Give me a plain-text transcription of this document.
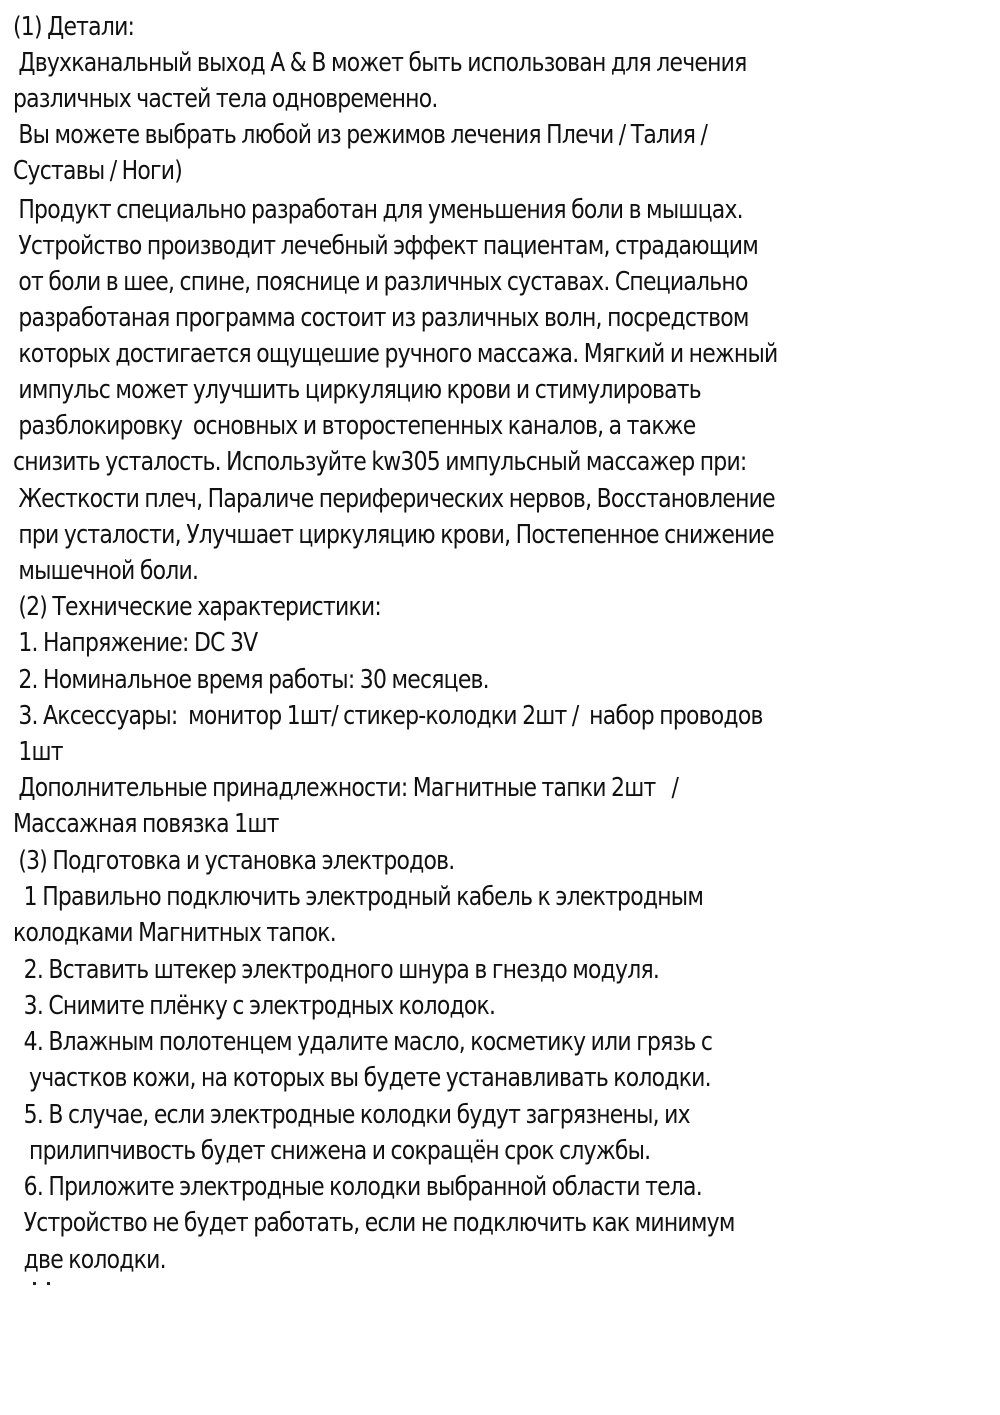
(1) Детали:
Двухканальный выход A & B может быть использован для лечения
различных частей тела одновременно.
Вы можете выбрать любой из режимов лечения Плечи / Талия /
Суставы / Ноги)
Продукт специально разработан для уменьшения боли в мышцах.
Устройство производит лечебный эффект пациентам, страдающим
от боли в шее, спине, пояснице и различных суставах. Специально
разработаная программа состоит из различных волн, посредством
которых достигается ощущешие ручного массажа. Мягкий и нежный
импульс может улучшить циркуляцию крови и стимулировать
разблокировку  основных и второстепенных каналов, а также
снизить усталость. Используйте kw305 импульсный массажер при:
Жесткости плеч, Параличе периферических нервов, Восстановление
при усталости, Улучшает циркуляцию крови, Постепенное снижение
мышечной боли.
(2) Технические характеристики:
1. Напряжение: DC 3V
2. Номинальное время работы: 30 месяцев.
3. Аксессуары:  монитор 1шт/ стикер-колодки 2шт /  набор проводов
1шт
Дополнительные принадлежности: Магнитные тапки 2шт   /
Массажная повязка 1шт
(3) Подготовка и установка электродов.
1 Правильно подключить электродный кабель к электродным
колодками Магнитных тапок.
2. Вставить штекер электродного шнура в гнездо модуля.
3. Снимите плёнку с электродных колодок.
4. Влажным полотенцем удалите масло, косметику или грязь с
участков кожи, на которых вы будете устанавливать колодки.
5. В случае, если электродные колодки будут загрязнены, их
прилипчивость будет снижена и сокращён срок службы.
6. Приложите электродные колодки выбранной области тела.
Устройство не будет работать, если не подключить как минимум
две колодки.
